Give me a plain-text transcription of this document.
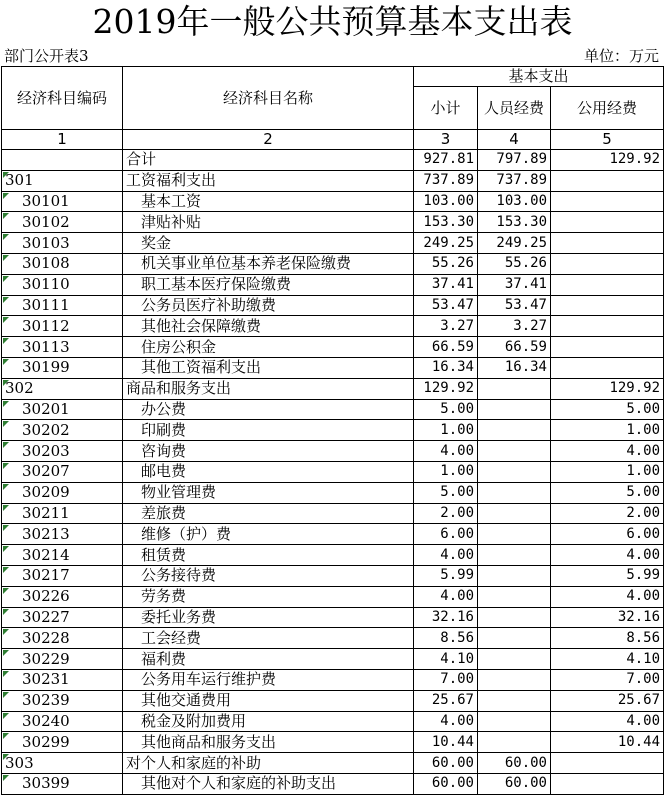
2019年一般公共预算基本支出表
部门公开表3	单位：万元
经济科目编码	经济科目名称	基本支出		
		小计	人员经费	公用经费
1	2	3	4	5
	合计	927.81	797.89	129.92
301	工资福利支出	737.89	737.89	
30101	基本工资	103.00	103.00	
30102	津贴补贴	153.30	153.30	
30103	奖金	249.25	249.25	
30108	机关事业单位基本养老保险缴费	55.26	55.26	
30110	职工基本医疗保险缴费	37.41	37.41	
30111	公务员医疗补助缴费	53.47	53.47	
30112	其他社会保障缴费	3.27	3.27	
30113	住房公积金	66.59	66.59	
30199	其他工资福利支出	16.34	16.34	
302	商品和服务支出	129.92		129.92
30201	办公费	5.00		5.00
30202	印刷费	1.00		1.00
30203	咨询费	4.00		4.00
30207	邮电费	1.00		1.00
30209	物业管理费	5.00		5.00
30211	差旅费	2.00		2.00
30213	维修（护）费	6.00		6.00
30214	租赁费	4.00		4.00
30217	公务接待费	5.99		5.99
30226	劳务费	4.00		4.00
30227	委托业务费	32.16		32.16
30228	工会经费	8.56		8.56
30229	福利费	4.10		4.10
30231	公务用车运行维护费	7.00		7.00
30239	其他交通费用	25.67		25.67
30240	税金及附加费用	4.00		4.00
30299	其他商品和服务支出	10.44		10.44
303	对个人和家庭的补助	60.00	60.00	
30399	其他对个人和家庭的补助支出	60.00	60.00	
